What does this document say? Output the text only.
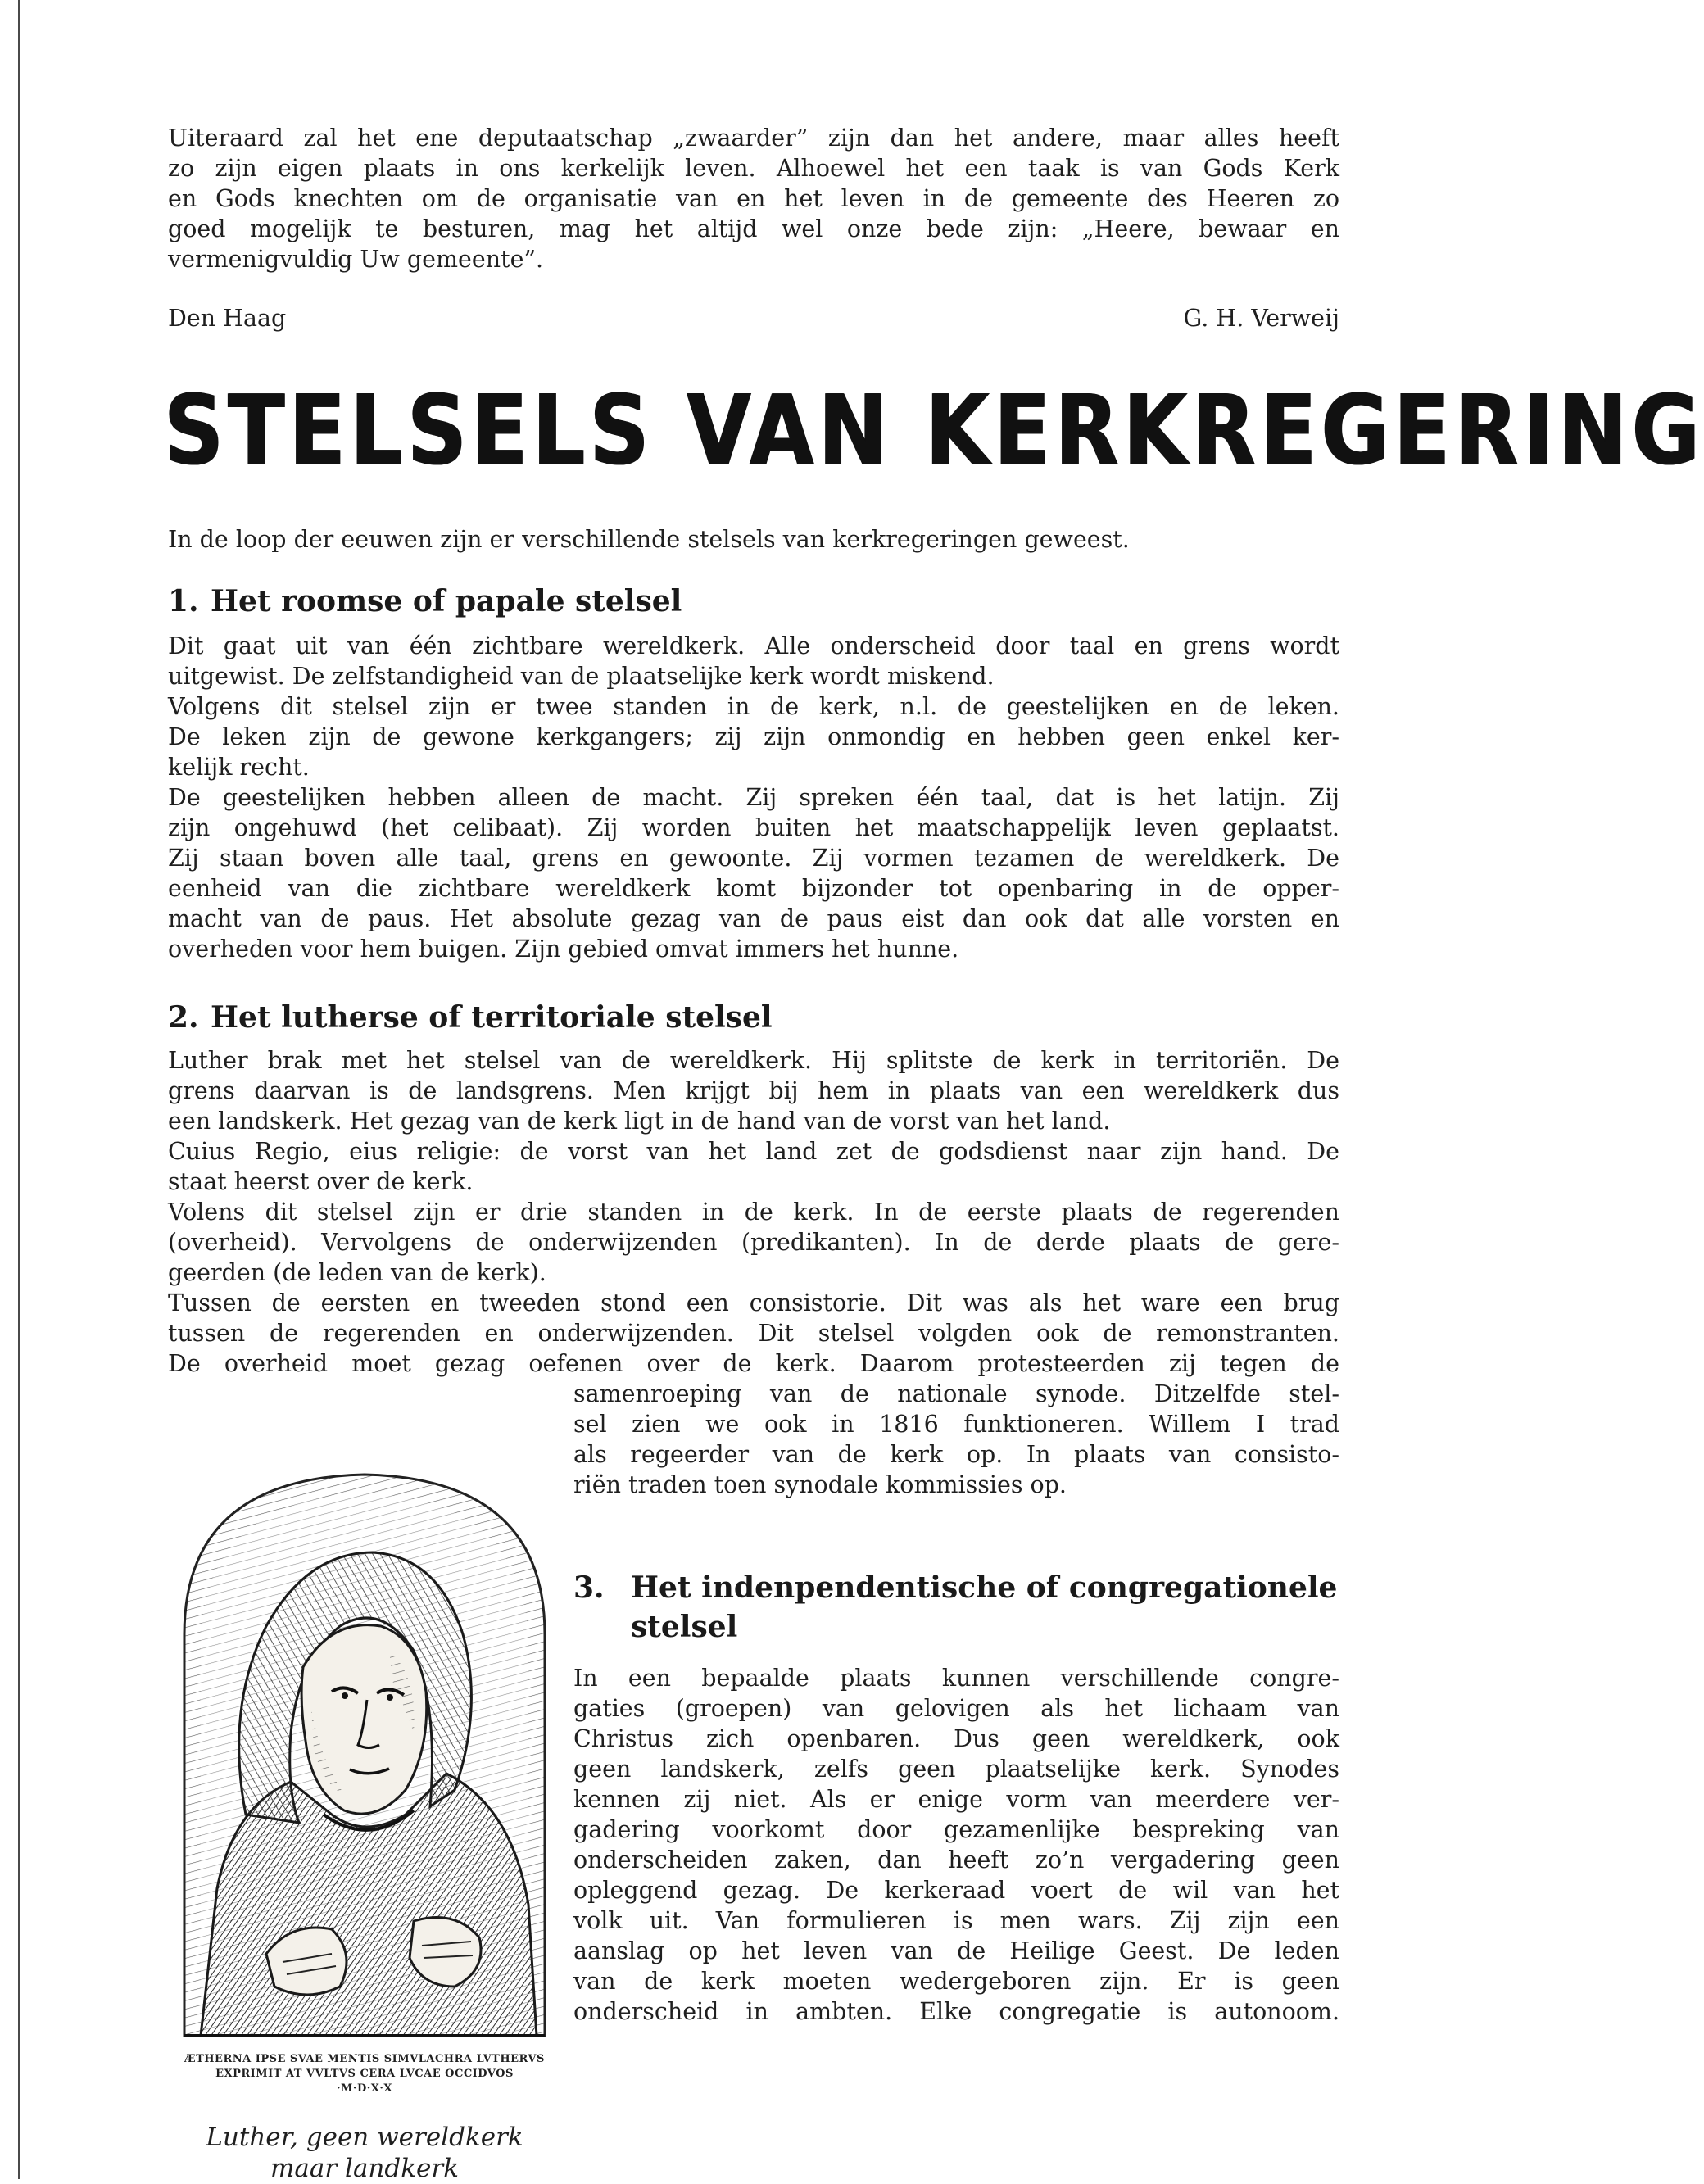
Uiteraard zal het ene deputaatschap „zwaarder” zijn dan het andere, maar alles heeft
zo zijn eigen plaats in ons kerkelijk leven. Alhoewel het een taak is van Gods Kerk
en Gods knechten om de organisatie van en het leven in de gemeente des Heeren zo
goed mogelijk te besturen, mag het altijd wel onze bede zijn: „Heere, bewaar en
vermenigvuldig Uw gemeente”.
Den Haag	G. H. Verweij
STELSELS VAN KERKREGERING
In de loop der eeuwen zijn er verschillende stelsels van kerkregeringen geweest.
1. Het roomse of papale stelsel
Dit gaat uit van één zichtbare wereldkerk. Alle onderscheid door taal en grens wordt
uitgewist. De zelfstandigheid van de plaatselijke kerk wordt miskend.
Volgens dit stelsel zijn er twee standen in de kerk, n.l. de geestelijken en de leken.
De leken zijn de gewone kerkgangers; zij zijn onmondig en hebben geen enkel ker-
kelijk recht.
De geestelijken hebben alleen de macht. Zij spreken één taal, dat is het latijn. Zij
zijn ongehuwd (het celibaat). Zij worden buiten het maatschappelijk leven geplaatst.
Zij staan boven alle taal, grens en gewoonte. Zij vormen tezamen de wereldkerk. De
eenheid van die zichtbare wereldkerk komt bijzonder tot openbaring in de opper-
macht van de paus. Het absolute gezag van de paus eist dan ook dat alle vorsten en
overheden voor hem buigen. Zijn gebied omvat immers het hunne.
2. Het lutherse of territoriale stelsel
Luther brak met het stelsel van de wereldkerk. Hij splitste de kerk in territoriën. De
grens daarvan is de landsgrens. Men krijgt bij hem in plaats van een wereldkerk dus
een landskerk. Het gezag van de kerk ligt in de hand van de vorst van het land.
Cuius Regio, eius religie: de vorst van het land zet de godsdienst naar zijn hand. De
staat heerst over de kerk.
Volens dit stelsel zijn er drie standen in de kerk. In de eerste plaats de regerenden
(overheid). Vervolgens de onderwijzenden (predikanten). In de derde plaats de gere-
geerden (de leden van de kerk).
Tussen de eersten en tweeden stond een consistorie. Dit was als het ware een brug
tussen de regerenden en onderwijzenden. Dit stelsel volgden ook de remonstranten.
De overheid moet gezag oefenen over de kerk. Daarom protesteerden zij tegen de
samenroeping van de nationale synode. Ditzelfde stel-
sel zien we ook in 1816 funktioneren. Willem I trad
als regeerder van de kerk op. In plaats van consisto-
riën traden toen synodale kommissies op.
3. Het indenpendentische of congregationele
stelsel
In een bepaalde plaats kunnen verschillende congre-
gaties (groepen) van gelovigen als het lichaam van
Christus zich openbaren. Dus geen wereldkerk, ook
geen landskerk, zelfs geen plaatselijke kerk. Synodes
kennen zij niet. Als er enige vorm van meerdere ver-
gadering voorkomt door gezamenlijke bespreking van
onderscheiden zaken, dan heeft zo’n vergadering geen
opleggend gezag. De kerkeraad voert de wil van het
volk uit. Van formulieren is men wars. Zij zijn een
aanslag op het leven van de Heilige Geest. De leden
van de kerk moeten wedergeboren zijn. Er is geen
onderscheid in ambten. Elke congregatie is autonoom.
ÆTHERNA IPSE SVAE MENTIS SIMVLACHRA LVTHERVS
EXPRIMIT AT VVLTVS CERA LVCAE OCCIDVOS
·M·D·X·X
Luther, geen wereldkerk
maar landkerk
